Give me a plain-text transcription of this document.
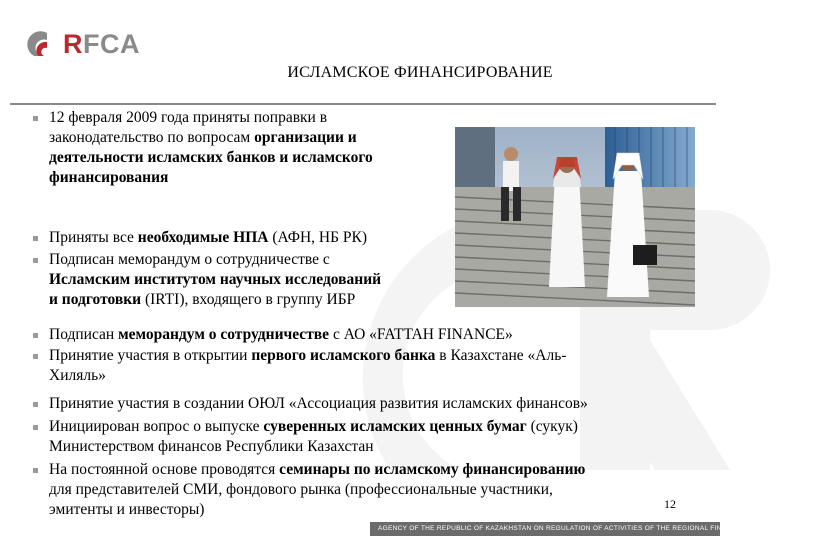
RFCA
ИСЛАМСКОЕ ФИНАНСИРОВАНИЕ
12 февраля 2009 года приняты поправки в
законодательство по вопросам организации и
деятельности исламских банков и исламского
финансирования
Приняты все необходимые НПА (АФН, НБ РК)
Подписан меморандум о сотрудничестве с
Исламским институтом научных исследований
и подготовки (IRTI), входящего в группу ИБР
Подписан меморандум о сотрудничестве с АО «FATTAH FINANCE»
Принятие участия в открытии первого исламского банка в Казахстане «Аль-
Хиляль»
Принятие участия в создании ОЮЛ «Ассоциация развития исламских финансов»
Инициирован вопрос о выпуске суверенных исламских ценных бумаг (сукук)
Министерством финансов Республики Казахстан
На постоянной основе проводятся семинары по исламскому финансированию
для представителей СМИ, фондового рынка (профессиональные участники,
эмитенты и инвесторы)	12
AGENCY OF THE REPUBLIC OF KAZAKHSTAN ON REGULATION OF ACTIVITIES OF THE REGIONAL FINANCIAL CENTRE OF ALMATY CITY
